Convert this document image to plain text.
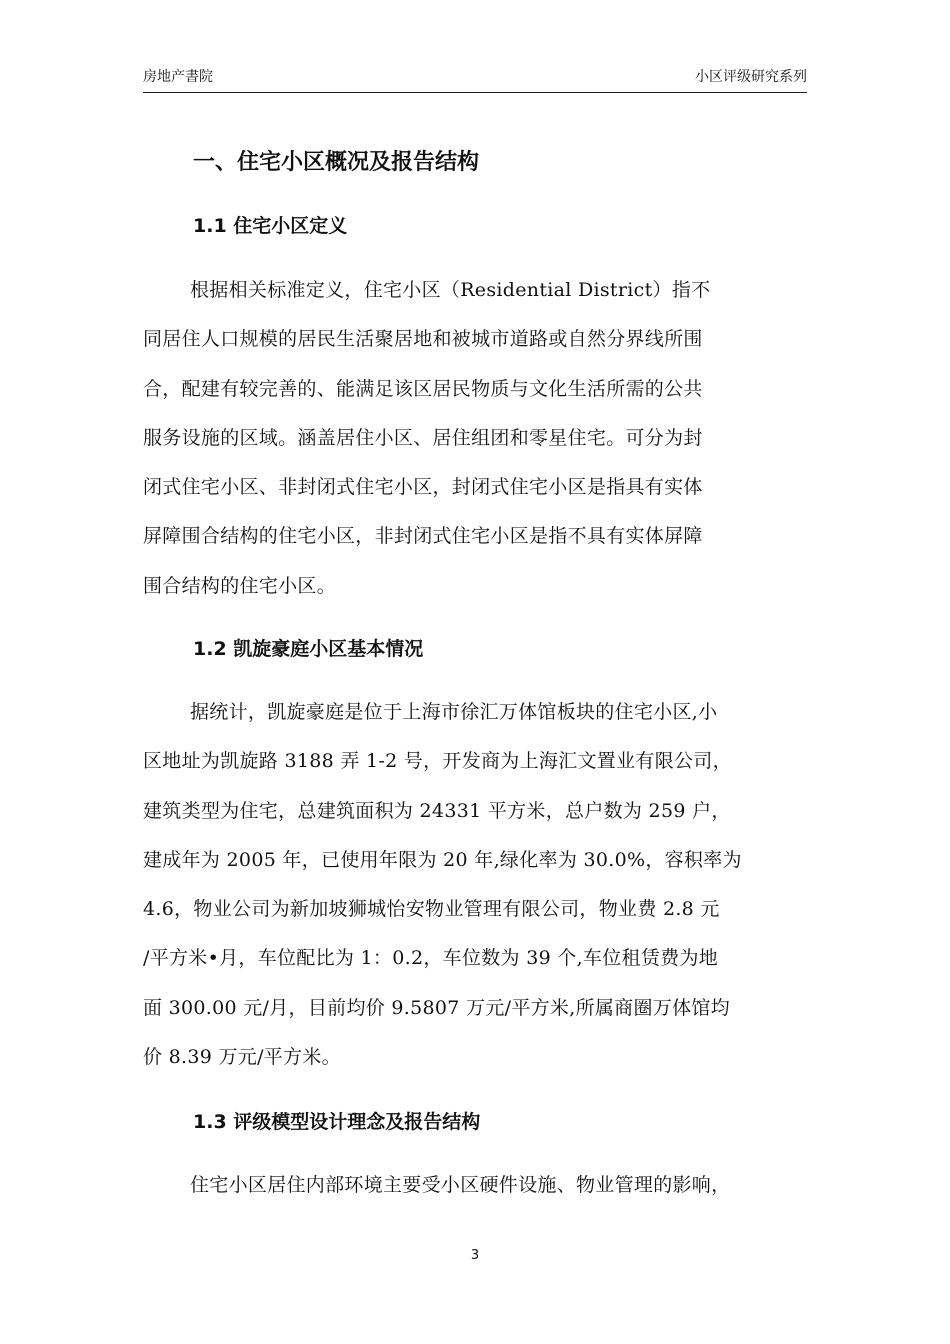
房地产書院	小区评级研究系列
一、住宅小区概况及报告结构
1.1 住宅小区定义
根据相关标准定义，住宅小区（Residential District）指不
同居住人口规模的居民生活聚居地和被城市道路或自然分界线所围
合，配建有较完善的、能满足该区居民物质与文化生活所需的公共
服务设施的区域。涵盖居住小区、居住组团和零星住宅。可分为封
闭式住宅小区、非封闭式住宅小区，封闭式住宅小区是指具有实体
屏障围合结构的住宅小区，非封闭式住宅小区是指不具有实体屏障
围合结构的住宅小区。
1.2 凯旋豪庭小区基本情况
据统计，凯旋豪庭是位于上海市徐汇万体馆板块的住宅小区,小
区地址为凯旋路 3188 弄 1-2 号，开发商为上海汇文置业有限公司，
建筑类型为住宅，总建筑面积为 24331 平方米，总户数为 259 户，
建成年为 2005 年，已使用年限为 20 年,绿化率为 30.0%，容积率为
4.6，物业公司为新加坡狮城怡安物业管理有限公司，物业费 2.8 元
/平方米•月，车位配比为 1：0.2，车位数为 39 个,车位租赁费为地
面 300.00 元/月，目前均价 9.5807 万元/平方米,所属商圈万体馆均
价 8.39 万元/平方米。
1.3 评级模型设计理念及报告结构
住宅小区居住内部环境主要受小区硬件设施、物业管理的影响，
3
